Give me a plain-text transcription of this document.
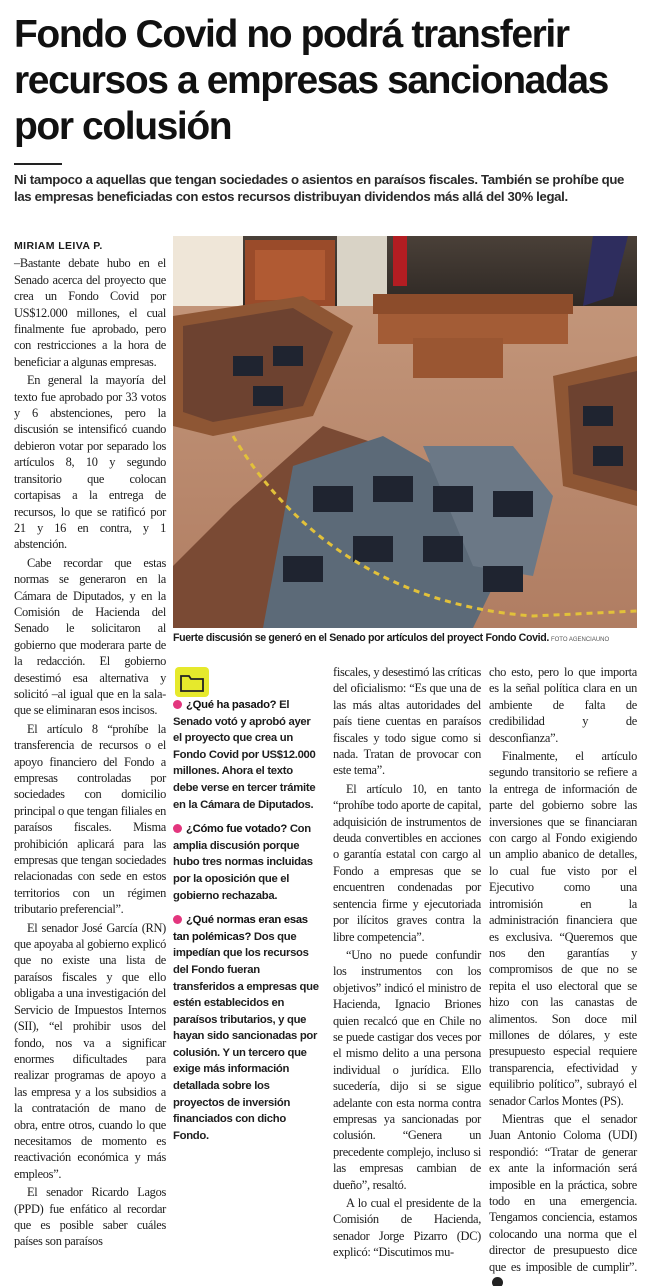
Fondo Covid no podrá transferir recursos a empresas sancionadas por colusión

Ni tampoco a aquellas que tengan sociedades o asientos en paraísos fiscales. También se prohíbe que las empresas beneficiadas con estos recursos distribuyan dividendos más allá del 30% legal.

MIRIAM LEIVA P.

–Bastante debate hubo en el Senado acerca del proyecto que crea un Fondo Covid por US$12.000 millones, el cual finalmente fue aprobado, pero con restricciones a la hora de beneficiar a algunas empresas.

En general la mayoría del texto fue aprobado por 33 votos y 6 abstenciones, pero la discusión se intensificó cuando debieron votar por separado los artículos 8, 10 y segundo transitorio que colocan cortapisas a la entrega de recursos, lo que se ratificó por 21 y 16 en contra, y 1 abstención.

Cabe recordar que estas normas se generaron en la Cámara de Diputados, y en la Comisión de Hacienda del Senado le solicitaron al gobierno que moderara parte de la redacción. El gobierno desestimó esa alternativa y solicitó –al igual que en la sala- que se eliminaran esos incisos.

El artículo 8 “prohíbe la transferencia de recursos o el apoyo financiero del Fondo a empresas controladas por sociedades con domicilio principal o que tengan filiales en paraísos fiscales. Misma prohibición aplicará para las empresas que tengan sociedades relacionadas con sede en estos territorios con un régimen tributario preferencial”.

El senador José García (RN) que apoyaba al gobierno explicó que no existe una lista de paraísos fiscales y que ello obligaba a una investigación del Servicio de Impuestos Internos (SII), “el prohibir usos del fondo, nos va a significar enormes dificultades para realizar programas de apoyo a las empresa y a los subsidios a la contratación de mano de obra, entre otros, cuando lo que necesitamos de momento es reactivación económica y más empleos”.

El senador Ricardo Lagos (PPD) fue enfático al recordar que es posible saber cuáles países son paraísos

Fuerte discusión se generó en el Senado por artículos del proyect Fondo Covid. FOTO AGENCIAUNO

¿Qué ha pasado? El Senado votó y aprobó ayer el proyecto que crea un Fondo Covid por US$12.000 millones. Ahora el texto debe verse en tercer trámite en la Cámara de Diputados.

¿Cómo fue votado? Con amplia discusión porque hubo tres normas incluidas por la oposición que el gobierno rechazaba.

¿Qué normas eran esas tan polémicas? Dos que impedían que los recursos del Fondo fueran transferidos a empresas que estén establecidos en paraísos tributarios, y que hayan sido sancionadas por colusión. Y un tercero que exige más información detallada sobre los proyectos de inversión financiados con dicho Fondo.

fiscales, y desestimó las críticas del oficialismo: “Es que una de las más altas autoridades del país tiene cuentas en paraísos fiscales y todo sigue como si nada. Tratan de provocar con este tema”.

El artículo 10, en tanto “prohíbe todo aporte de capital, adquisición de instrumentos de deuda convertibles en acciones o garantía estatal con cargo al Fondo a empresas que se encuentren condenadas por sentencia firme y ejecutoriada por ilícitos graves contra la libre competencia”.

“Uno no puede confundir los instrumentos con los objetivos” indicó el ministro de Hacienda, Ignacio Briones quien recalcó que en Chile no se puede castigar dos veces por el mismo delito a una persona individual o jurídica. Ello sucedería, dijo si se sigue adelante con esta norma contra empresas ya sancionadas por colusión. “Genera un precedente complejo, incluso si las empresas cambian de dueño”, resaltó.

A lo cual el presidente de la Comisión de Hacienda, senador Jorge Pizarro (DC) explicó: “Discutimos mu-

cho esto, pero lo que importa es la señal política clara en un ambiente de falta de credibilidad y de desconfianza”.

Finalmente, el artículo segundo transitorio se refiere a la entrega de información de parte del gobierno sobre las inversiones que se financiaran con cargo al Fondo exigiendo un amplio abanico de detalles, lo cual fue visto por el Ejecutivo como una intromisión en la administración financiera que es exclusiva. “Queremos que nos den garantías y compromisos de que no se repita el uso electoral que se hizo con las canastas de alimentos. Son doce mil millones de dólares, y este presupuesto especial requiere transparencia, efectividad y equilibrio político”, subrayó el senador Carlos Montes (PS).

Mientras que el senador Juan Antonio Coloma (UDI) respondió: “Tratar de generar ex ante la información será imposible en la práctica, sobre todo en una emergencia. Tengamos conciencia, estamos colocando una norma que el director de presupuesto dice que es imposible de cumplir”.
